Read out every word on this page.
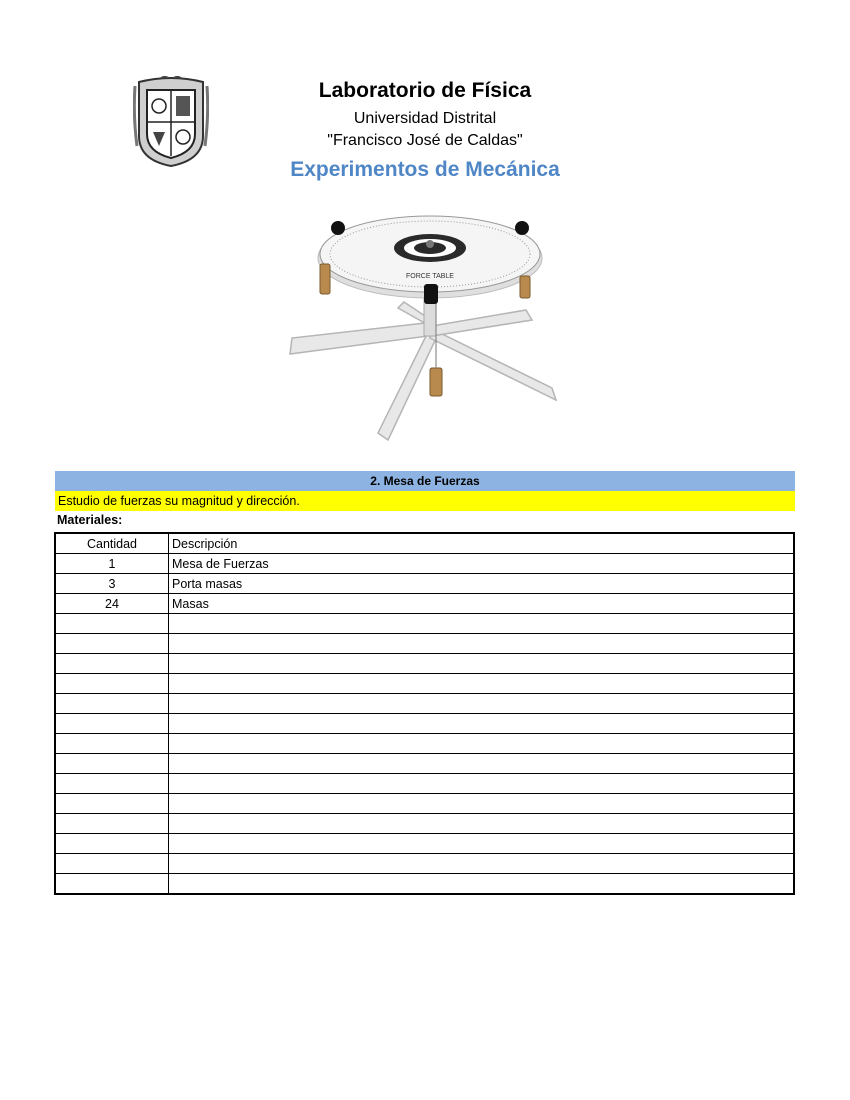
Laboratorio de Física
Universidad Distrital
"Francisco José de Caldas"
Experimentos de Mecánica
FORCE TABLE
2. Mesa de Fuerzas
Estudio de fuerzas su magnitud y dirección.
Materiales:
Cantidad	Descripción
1	Mesa de Fuerzas
3	Porta masas
24	Masas
